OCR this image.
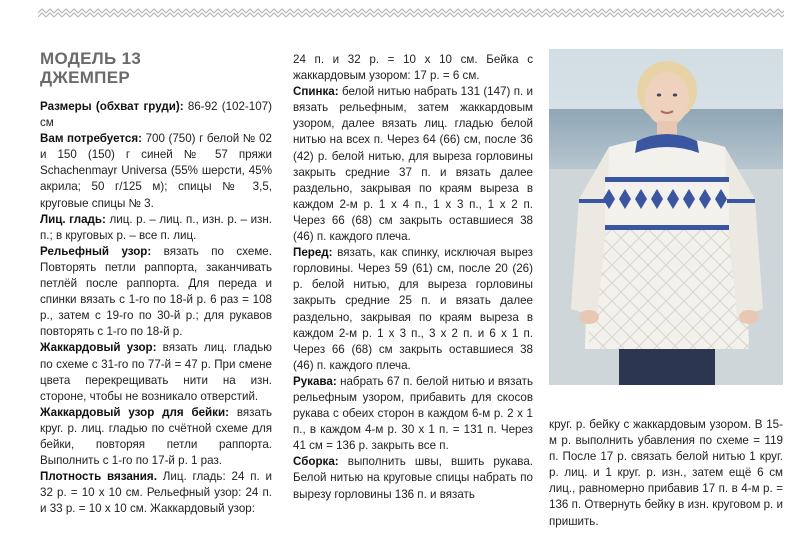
МОДЕЛЬ 13
ДЖЕМПЕР

Размеры (обхват груди): 86-92 (102-107) см

Вам потребуется: 700 (750) г белой № 02 и 150 (150) г синей № 57 пряжи Schachenmayr Universa (55% шерсти, 45% акрила; 50 г/125 м); спицы № 3,5, круговые спицы № 3.

Лиц. гладь: лиц. р. – лиц. п., изн. р. – изн. п.; в круговых р. – все п. лиц.

Рельефный узор: вязать по схеме. Повторять петли раппорта, заканчивать петлёй после раппорта. Для переда и спинки вязать с 1-го по 18-й р. 6 раз = 108 р., затем с 19-го по 30-й р.; для рукавов повторять с 1-го по 18-й р.

Жаккардовый узор: вязать лиц. гладью по схеме с 31-го по 77-й = 47 р. При смене цвета перекрещивать нити на изн. стороне, чтобы не возникало отверстий.

Жаккардовый узор для бейки: вязать круг. р. лиц. гладью по счётной схеме для бейки, повторяя петли раппорта. Выполнить с 1-го по 17-й р. 1 раз.

Плотность вязания. Лиц. гладь: 24 п. и 32 р. = 10 x 10 см. Рельефный узор: 24 п. и 33 р. = 10 x 10 см. Жаккардовый узор:

24 п. и 32 р. = 10 x 10 см. Бейка с жаккардовым узором: 17 р. = 6 см.

Спинка: белой нитью набрать 131 (147) п. и вязать рельефным, затем жаккардовым узором, далее вязать лиц. гладью белой нитью на всех п. Через 64 (66) см, после 36 (42) р. белой нитью, для выреза горловины закрыть средние 37 п. и вязать далее раздельно, закрывая по краям выреза в каждом 2-м р. 1 x 4 п., 1 x 3 п., 1 x 2 п. Через 66 (68) см закрыть оставшиеся 38 (46) п. каждого плеча.

Перед: вязать, как спинку, исключая вырез горловины. Через 59 (61) см, после 20 (26) р. белой нитью, для выреза горловины закрыть средние 25 п. и вязать далее раздельно, закрывая по краям выреза в каждом 2-м р. 1 x 3 п., 3 x 2 п. и 6 x 1 п. Через 66 (68) см закрыть оставшиеся 38 (46) п. каждого плеча.

Рукава: набрать 67 п. белой нитью и вязать рельефным узором, прибавить для скосов рукава с обеих сторон в каждом 6-м р. 2 x 1 п., в каждом 4-м р. 30 x 1 п. = 131 п. Через 41 см = 136 р. закрыть все п.

Сборка: выполнить швы, вшить рукава. Белой нитью на круговые спицы набрать по вырезу горловины 136 п. и вязать

круг. р. бейку с жаккардовым узором. В 15-м р. выполнить убавления по схеме = 119 п. После 17 р. связать белой нитью 1 круг. р. лиц. и 1 круг. р. изн., затем ещё 6 см лиц., равномерно прибавив 17 п. в 4-м р. = 136 п. Отвернуть бейку в изн. круговом р. и пришить.
